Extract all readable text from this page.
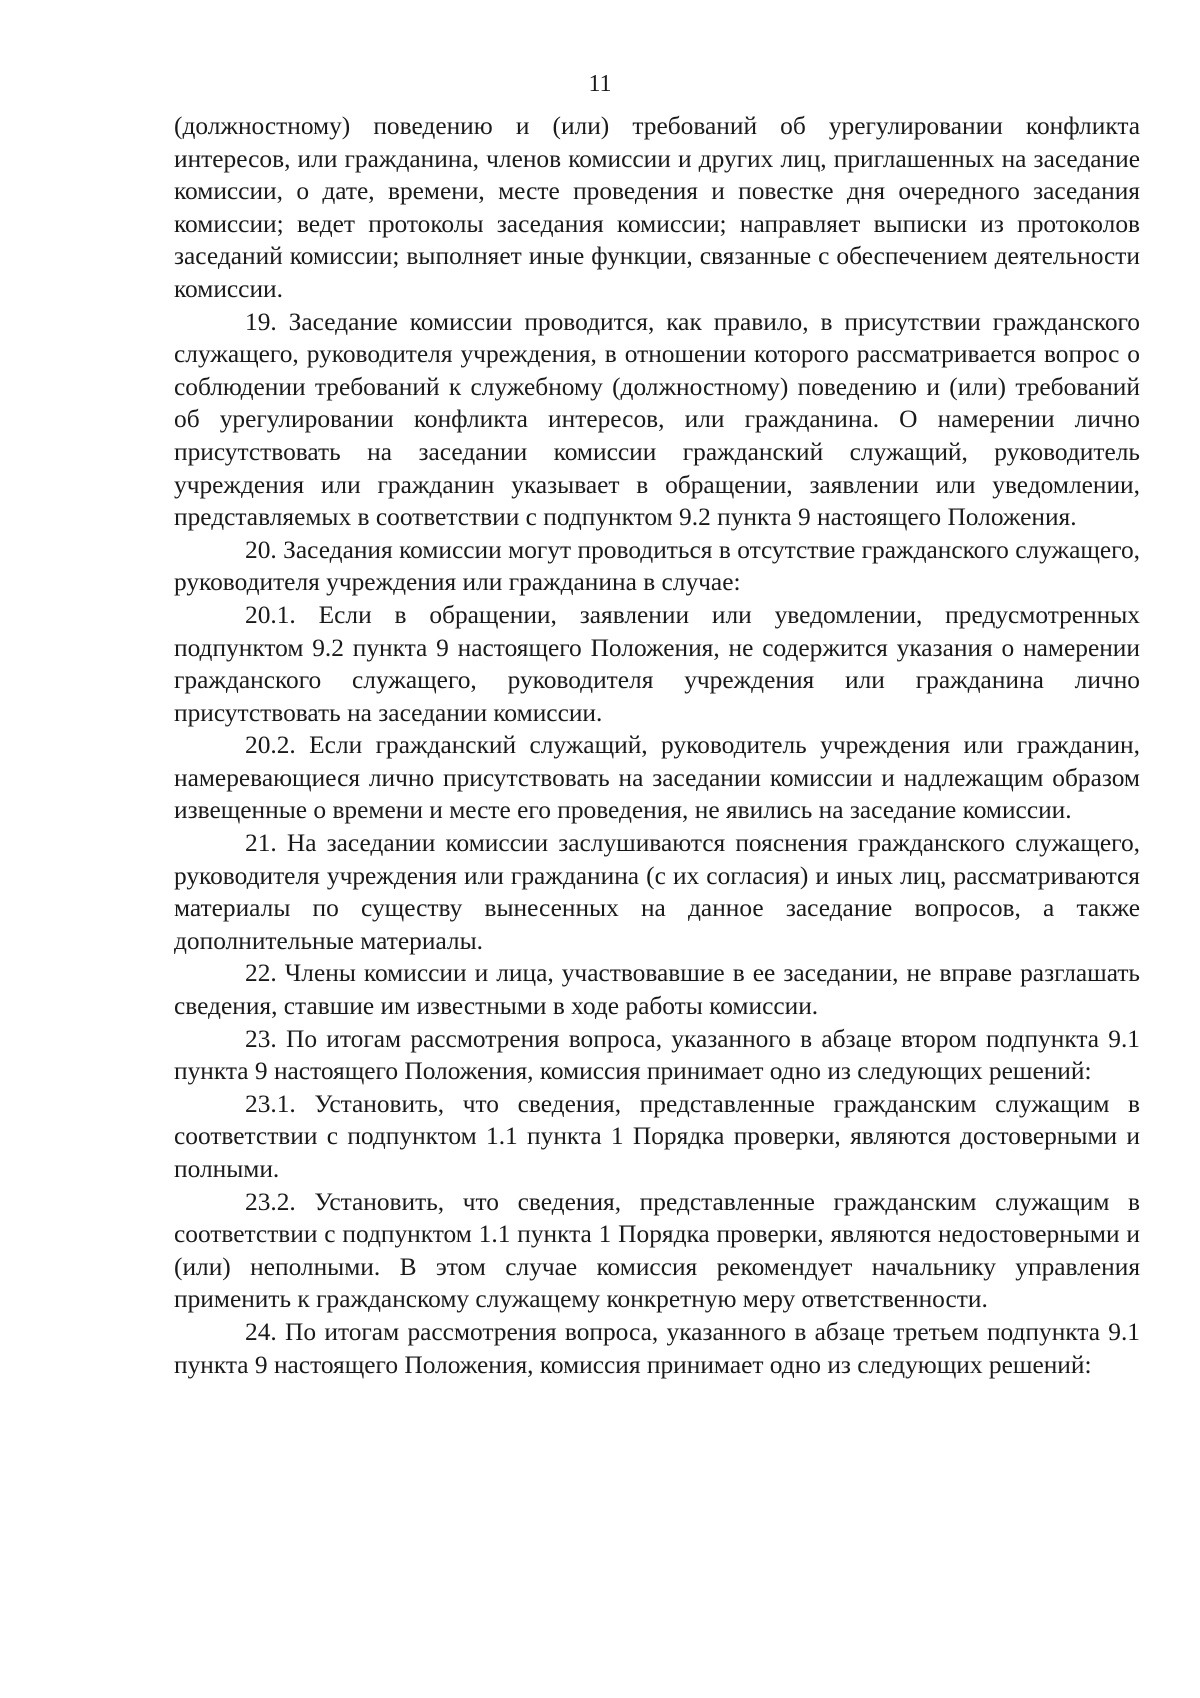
11

(должностному) поведению и (или) требований об урегулировании конфликта интересов, или гражданина, членов комиссии и других лиц, приглашенных на заседание комиссии, о дате, времени, месте проведения и повестке дня очередного заседания комиссии; ведет протоколы заседания комиссии; направляет выписки из протоколов заседаний комиссии; выполняет иные функции, связанные с обеспечением деятельности комиссии.

19. Заседание комиссии проводится, как правило, в присутствии гражданского служащего, руководителя учреждения, в отношении которого рассматривается вопрос о соблюдении требований к служебному (должностному) поведению и (или) требований об урегулировании конфликта интересов, или гражданина. О намерении лично присутствовать на заседании комиссии гражданский служащий, руководитель учреждения или гражданин указывает в обращении, заявлении или уведомлении, представляемых в соответствии с подпунктом 9.2 пункта 9 настоящего Положения.

20. Заседания комиссии могут проводиться в отсутствие гражданского служащего, руководителя учреждения или гражданина в случае:

20.1. Если в обращении, заявлении или уведомлении, предусмотренных подпунктом 9.2 пункта 9 настоящего Положения, не содержится указания о намерении гражданского служащего, руководителя учреждения или гражданина лично присутствовать на заседании комиссии.

20.2. Если гражданский служащий, руководитель учреждения или гражданин, намеревающиеся лично присутствовать на заседании комиссии и надлежащим образом извещенные о времени и месте его проведения, не явились на заседание комиссии.

21. На заседании комиссии заслушиваются пояснения гражданского служащего, руководителя учреждения или гражданина (с их согласия) и иных лиц, рассматриваются материалы по существу вынесенных на данное заседание вопросов, а также дополнительные материалы.

22. Члены комиссии и лица, участвовавшие в ее заседании, не вправе разглашать сведения, ставшие им известными в ходе работы комиссии.

23. По итогам рассмотрения вопроса, указанного в абзаце втором подпункта 9.1 пункта 9 настоящего Положения, комиссия принимает одно из следующих решений:

23.1. Установить, что сведения, представленные гражданским служащим в соответствии с подпунктом 1.1 пункта 1 Порядка проверки, являются достоверными и полными.

23.2. Установить, что сведения, представленные гражданским служащим в соответствии с подпунктом 1.1 пункта 1 Порядка проверки, являются недостоверными и (или) неполными. В этом случае комиссия рекомендует начальнику управления применить к гражданскому служащему конкретную меру ответственности.

24. По итогам рассмотрения вопроса, указанного в абзаце третьем подпункта 9.1 пункта 9 настоящего Положения, комиссия принимает одно из следующих решений:
